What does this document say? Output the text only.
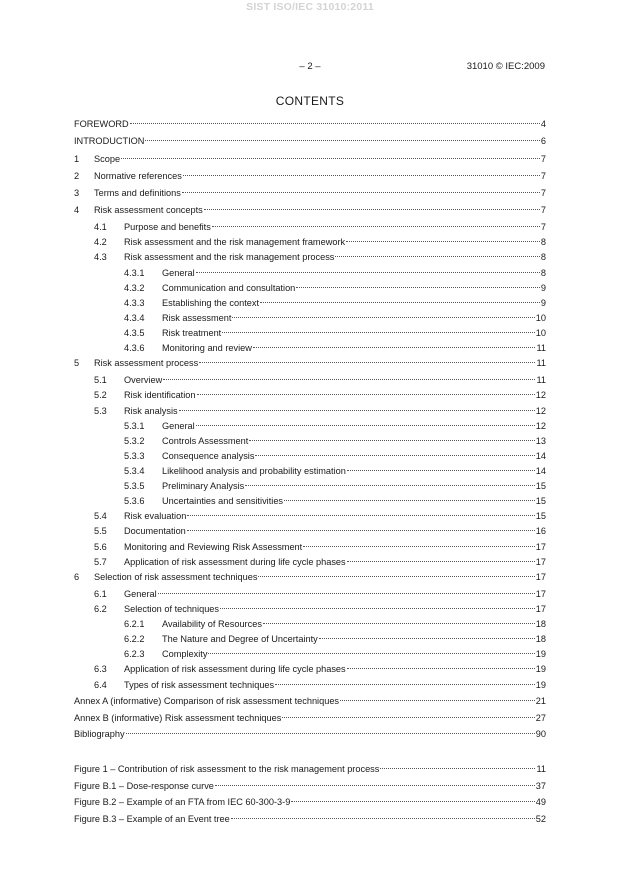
SIST ISO/IEC 31010:2011
– 2 –	31010 © IEC:2009
CONTENTS
FOREWORD	4
INTRODUCTION	6
1 Scope	7
2 Normative references	7
3 Terms and definitions	7
4 Risk assessment concepts	7
4.1 Purpose and benefits	7
4.2 Risk assessment and the risk management framework	8
4.3 Risk assessment and the risk management process	8
4.3.1 General	8
4.3.2 Communication and consultation	9
4.3.3 Establishing the context	9
4.3.4 Risk assessment	10
4.3.5 Risk treatment	10
4.3.6 Monitoring and review	11
5 Risk assessment process	11
5.1 Overview	11
5.2 Risk identification	12
5.3 Risk analysis	12
5.3.1 General	12
5.3.2 Controls Assessment	13
5.3.3 Consequence analysis	14
5.3.4 Likelihood analysis and probability estimation	14
5.3.5 Preliminary Analysis	15
5.3.6 Uncertainties and sensitivities	15
5.4 Risk evaluation	15
5.5 Documentation	16
5.6 Monitoring and Reviewing Risk Assessment	17
5.7 Application of risk assessment during life cycle phases	17
6 Selection of risk assessment techniques	17
6.1 General	17
6.2 Selection of techniques	17
6.2.1 Availability of Resources	18
6.2.2 The Nature and Degree of Uncertainty	18
6.2.3 Complexity	19
6.3 Application of risk assessment during life cycle phases	19
6.4 Types of risk assessment techniques	19
Annex A (informative) Comparison of risk assessment techniques	21
Annex B (informative) Risk assessment techniques	27
Bibliography	90
Figure 1 – Contribution of risk assessment to the risk management process	11
Figure B.1 – Dose-response curve	37
Figure B.2 – Example of an FTA from IEC 60-300-3-9	49
Figure B.3 – Example of an Event tree	52
